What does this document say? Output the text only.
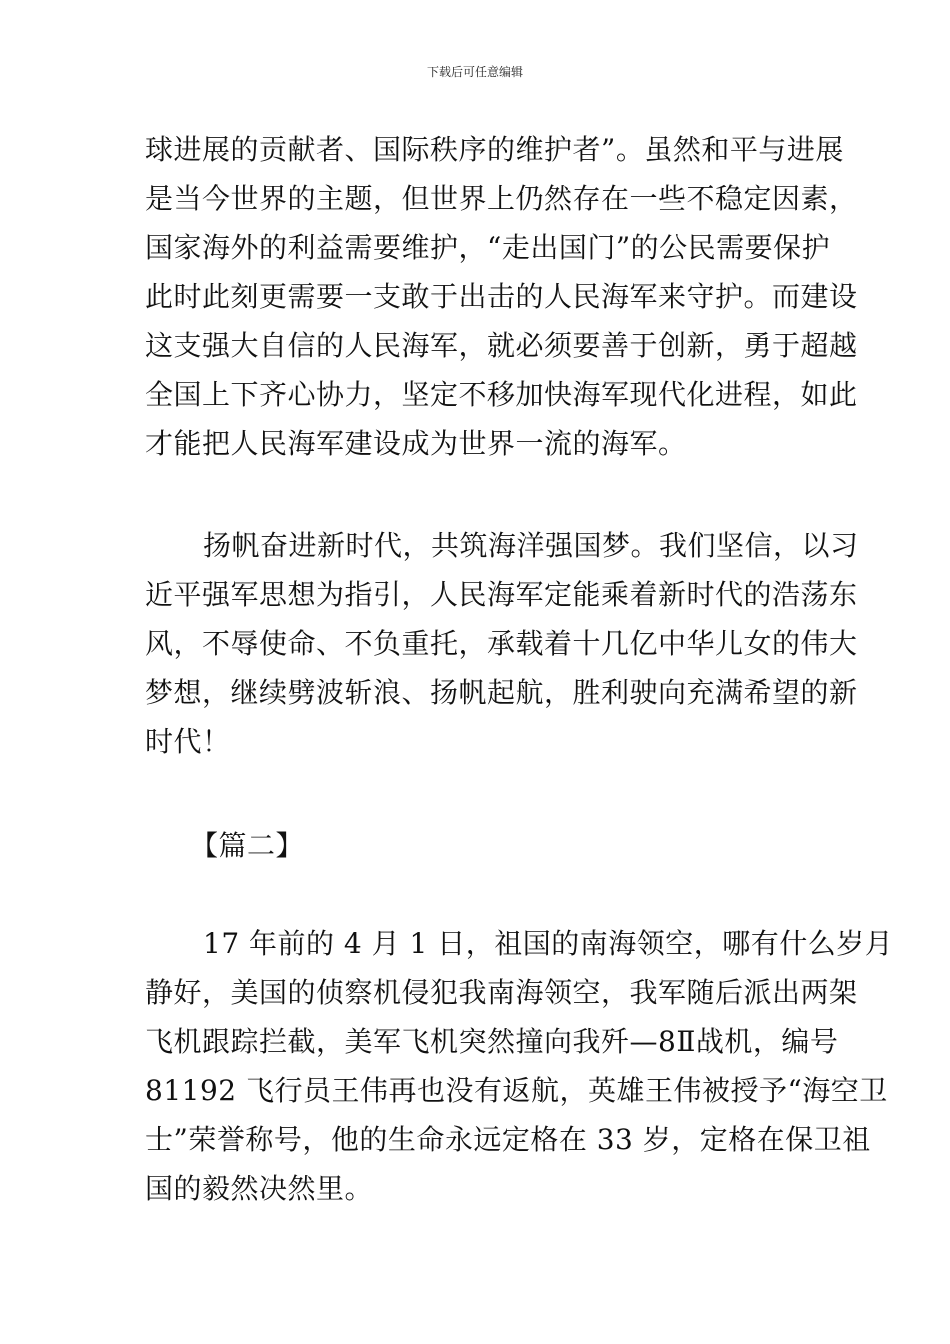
下载后可任意编辑
球进展的贡献者、国际秩序的维护者”。虽然和平与进展
是当今世界的主题，但世界上仍然存在一些不稳定因素，
国家海外的利益需要维护，“走出国门”的公民需要保护
此时此刻更需要一支敢于出击的人民海军来守护。而建设
这支强大自信的人民海军，就必须要善于创新，勇于超越
全国上下齐心协力，坚定不移加快海军现代化进程，如此
才能把人民海军建设成为世界一流的海军。
扬帆奋进新时代，共筑海洋强国梦。我们坚信，以习
近平强军思想为指引，人民海军定能乘着新时代的浩荡东
风，不辱使命、不负重托，承载着十几亿中华儿女的伟大
梦想，继续劈波斩浪、扬帆起航，胜利驶向充满希望的新
时代！
【篇二】
17 年前的 4 月 1 日，祖国的南海领空，哪有什么岁月
静好，美国的侦察机侵犯我南海领空，我军随后派出两架
飞机跟踪拦截，美军飞机突然撞向我歼—8Ⅱ战机，编号
81192 飞行员王伟再也没有返航，英雄王伟被授予“海空卫
士”荣誉称号，他的生命永远定格在 33 岁，定格在保卫祖
国的毅然决然里。
